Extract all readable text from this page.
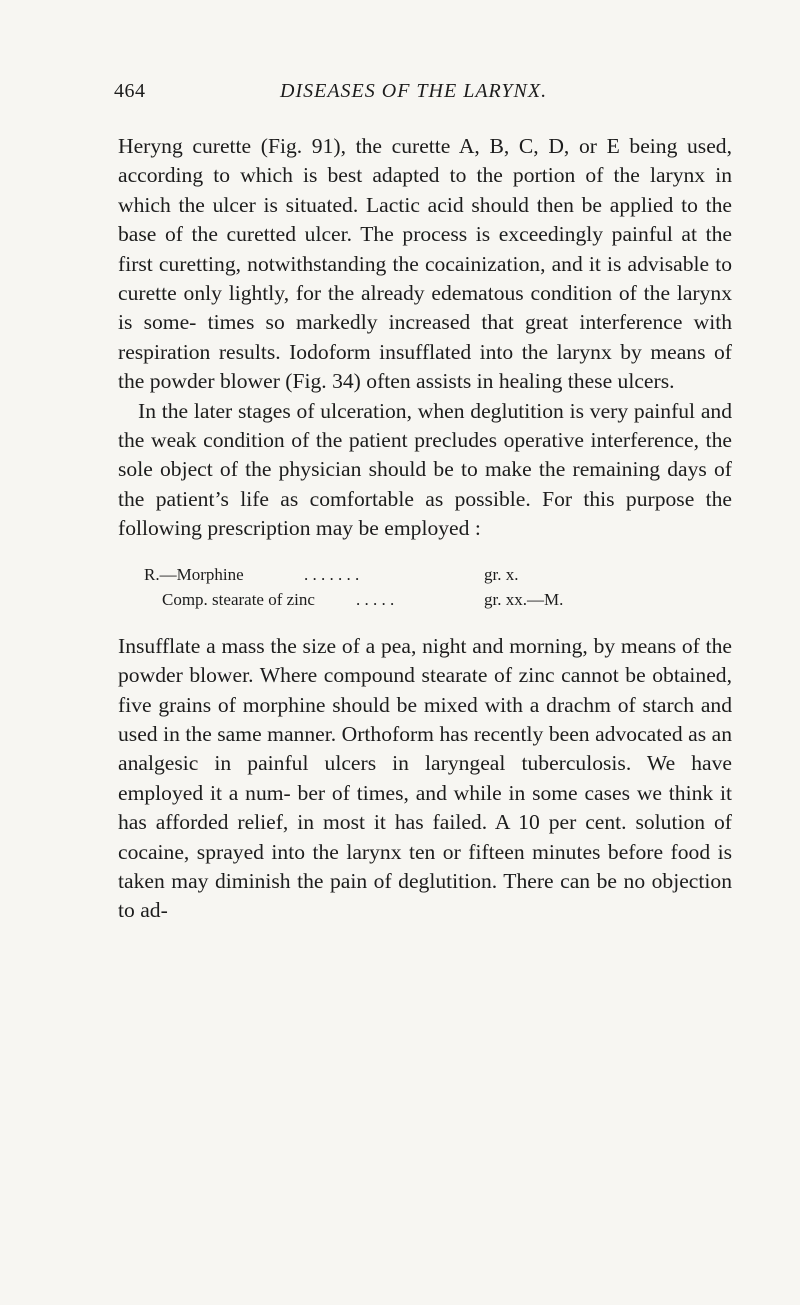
464	DISEASES OF THE LARYNX.

Heryng curette (Fig. 91), the curette A, B, C, D, or E being used, according to which is best adapted to the portion of the larynx in which the ulcer is situated. Lactic acid should then be applied to the base of the curetted ulcer. The process is exceedingly painful at the first curetting, notwithstanding the cocainization, and it is advisable to curette only lightly, for the already edematous condition of the larynx is some- times so markedly increased that great interference with respiration results. Iodoform insufflated into the larynx by means of the powder blower (Fig. 34) often assists in healing these ulcers.

In the later stages of ulceration, when deglutition is very painful and the weak condition of the patient precludes operative interference, the sole object of the physician should be to make the remaining days of the patient’s life as comfortable as possible. For this purpose the following prescription may be employed :

R.—Morphine	. . . . . . .	gr. x.
Comp. stearate of zinc	. . . . .	gr. xx.—M.

Insufflate a mass the size of a pea, night and morning, by means of the powder blower. Where compound stearate of zinc cannot be obtained, five grains of morphine should be mixed with a drachm of starch and used in the same manner. Orthoform has recently been advocated as an analgesic in painful ulcers in laryngeal tuberculosis. We have employed it a num- ber of times, and while in some cases we think it has afforded relief, in most it has failed. A 10 per cent. solution of cocaine, sprayed into the larynx ten or fifteen minutes before food is taken may diminish the pain of deglutition. There can be no objection to ad-
